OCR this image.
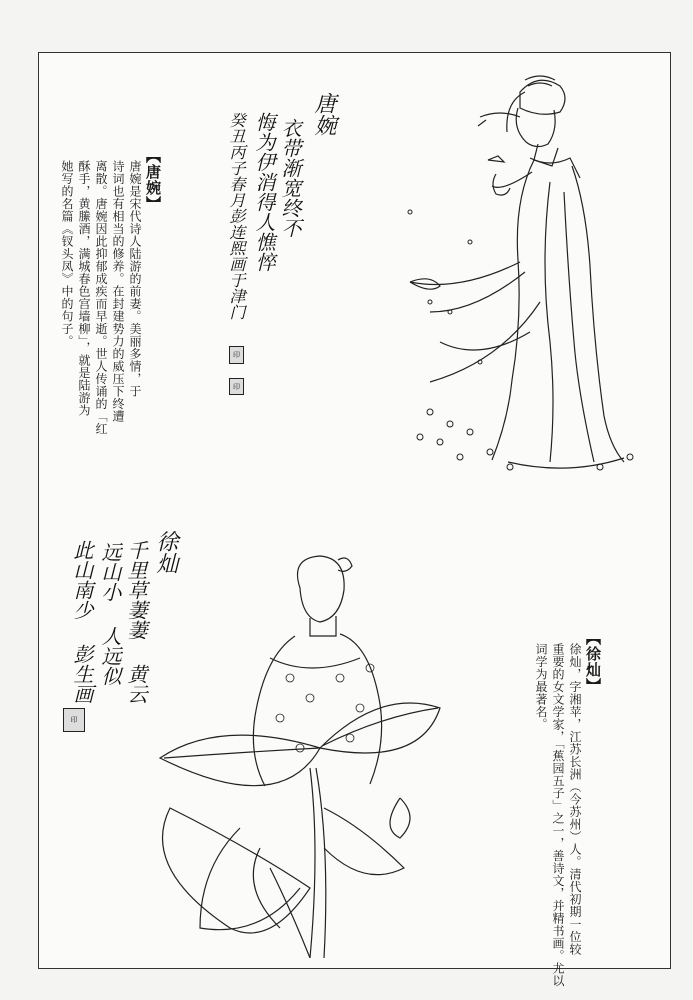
【唐婉】
唐婉是宋代诗人陆游的前妻。美丽多情，于
诗词也有相当的修养。在封建势力的威压下终遭
离散。唐婉因此抑郁成疾而早逝。世人传诵的「红
酥手，黄縢酒，满城春色宫墙柳」，就是陆游为
她写的名篇《钗头凤》中的句子。
唐婉
衣带渐宽终不
悔为伊消得人憔悴
癸丑丙子春月彭连熙画于津门
印
印
徐灿
千里草萋萋 黄云
远山小 人远似
此山南少 彭生画
印
【徐灿】
徐灿，字湘苹，江苏长洲（今苏州）人。清代初期一位较
重要的女文学家，「蕉园五子」之一，善诗文，并精书画。尤以
词学为最著名。
